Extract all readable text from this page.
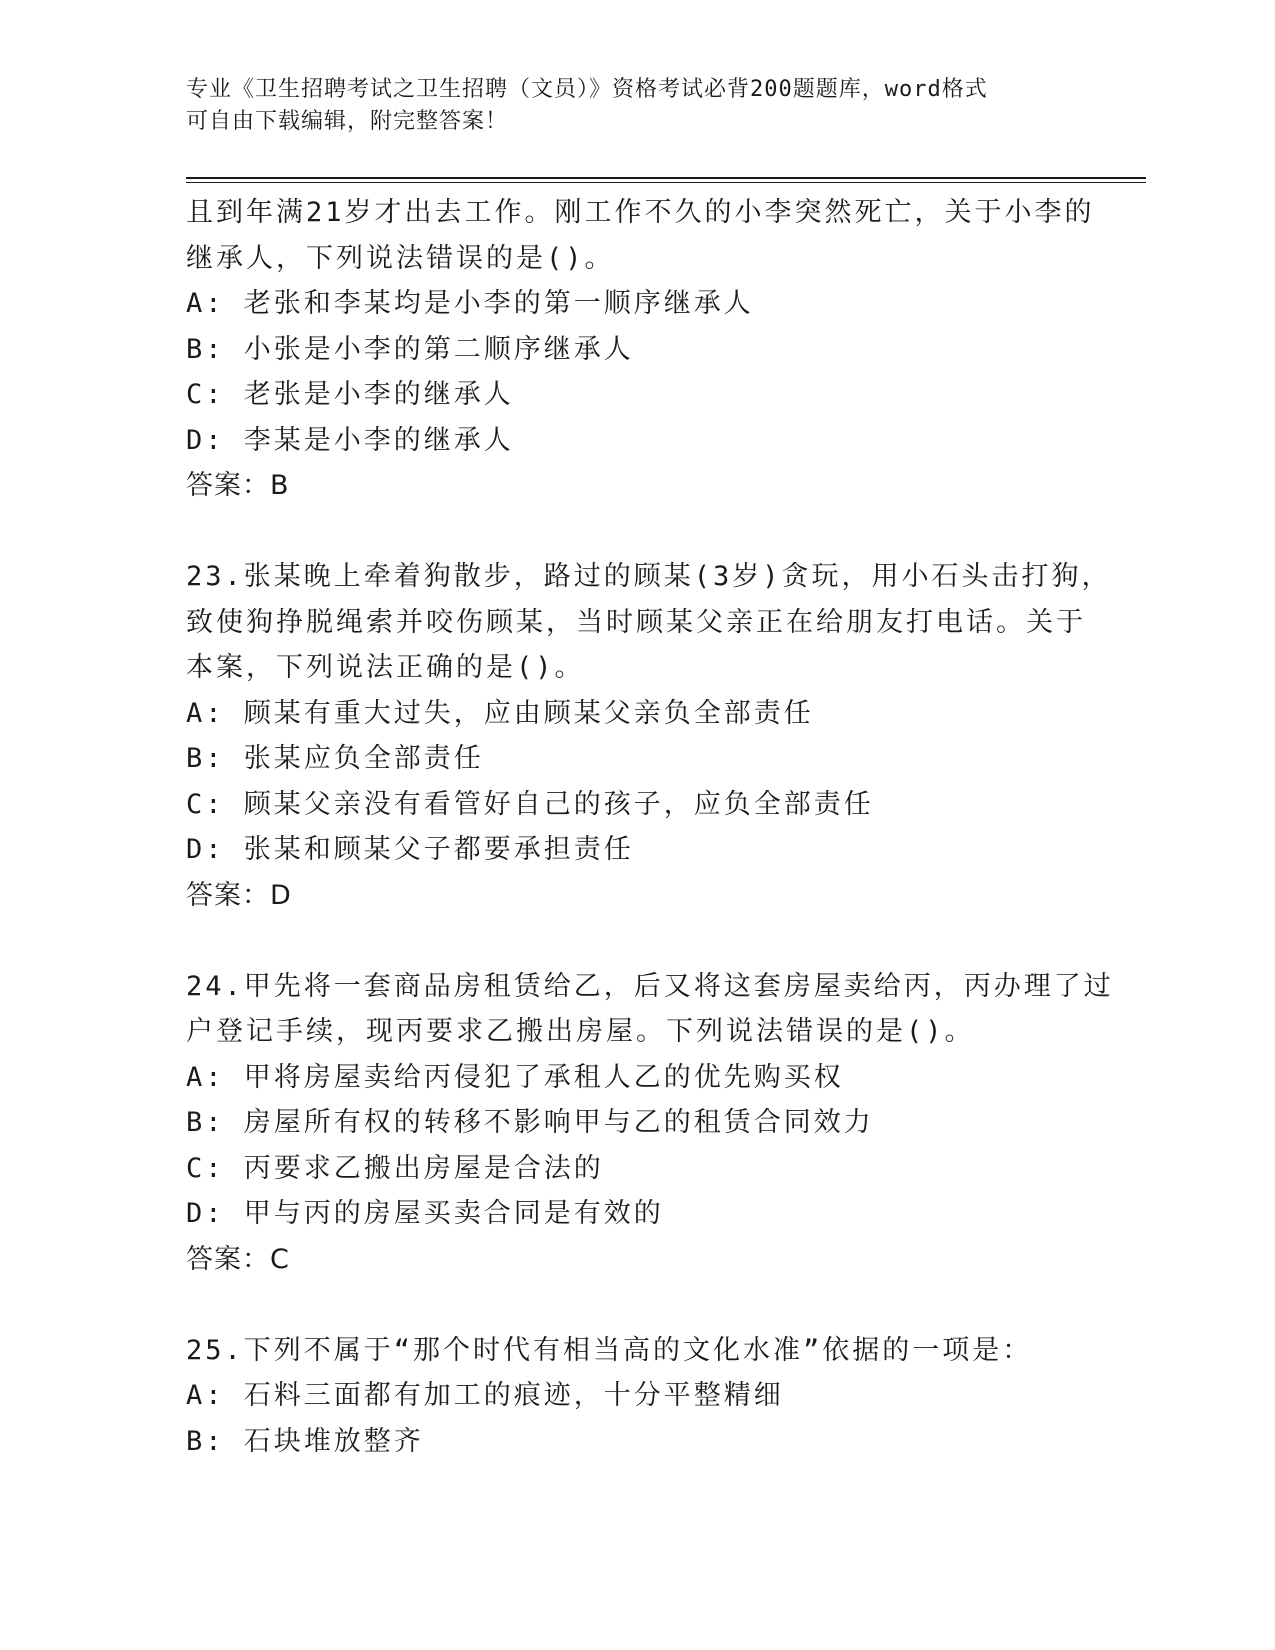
专业《卫生招聘考试之卫生招聘（文员）》资格考试必背200题题库，word格式
可自由下载编辑，附完整答案！
且到年满21岁才出去工作。刚工作不久的小李突然死亡，关于小李的
继承人，下列说法错误的是()。
A: 老张和李某均是小李的第一顺序继承人
B: 小张是小李的第二顺序继承人
C: 老张是小李的继承人
D: 李某是小李的继承人
答案：B
23.张某晚上牵着狗散步，路过的顾某(3岁)贪玩，用小石头击打狗，
致使狗挣脱绳索并咬伤顾某，当时顾某父亲正在给朋友打电话。关于
本案，下列说法正确的是()。
A: 顾某有重大过失，应由顾某父亲负全部责任
B: 张某应负全部责任
C: 顾某父亲没有看管好自己的孩子，应负全部责任
D: 张某和顾某父子都要承担责任
答案：D
24.甲先将一套商品房租赁给乙，后又将这套房屋卖给丙，丙办理了过
户登记手续，现丙要求乙搬出房屋。下列说法错误的是()。
A: 甲将房屋卖给丙侵犯了承租人乙的优先购买权
B: 房屋所有权的转移不影响甲与乙的租赁合同效力
C: 丙要求乙搬出房屋是合法的
D: 甲与丙的房屋买卖合同是有效的
答案：C
25.下列不属于“那个时代有相当高的文化水准”依据的一项是：
A: 石料三面都有加工的痕迹，十分平整精细
B: 石块堆放整齐
